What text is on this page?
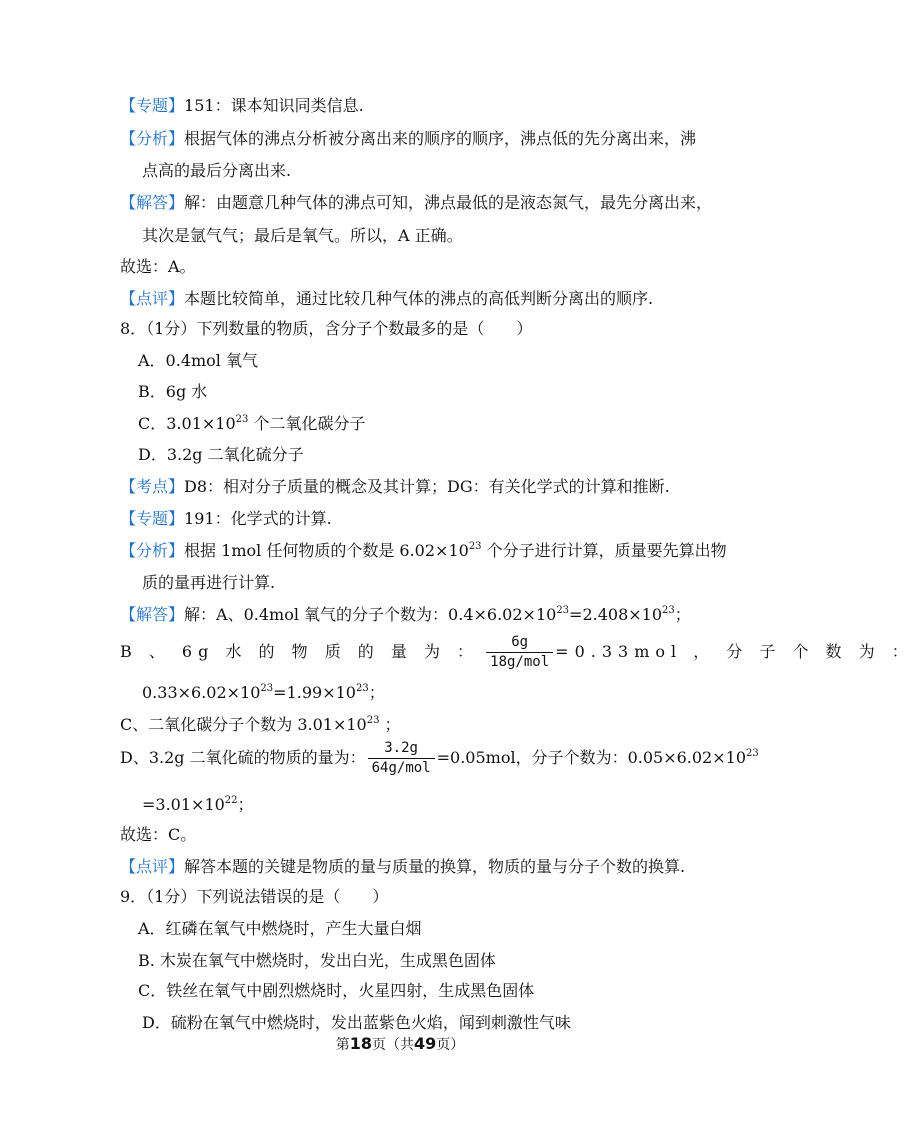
【专题】151：课本知识同类信息.
【分析】根据气体的沸点分析被分离出来的顺序的顺序，沸点低的先分离出来，沸
点高的最后分离出来.
【解答】解：由题意几种气体的沸点可知，沸点最低的是液态氮气，最先分离出来，
其次是氩气气；最后是氧气。所以，A 正确。
故选：A。
【点评】本题比较简单，通过比较几种气体的沸点的高低判断分离出的顺序.
8．（1分）下列数量的物质，含分子个数最多的是（　　）
A．0.4mol 氧气
B．6g 水
C．$3.01\times 10^{23}$ 个二氧化碳分子
D．3.2g 二氧化硫分子
【考点】D8：相对分子质量的概念及其计算；DG：有关化学式的计算和推断.
【专题】191：化学式的计算.
【分析】根据 1mol 任何物质的个数是 $6.02\times 10^{23}$ 个分子进行计算，质量要先算出物
质的量再进行计算.
【解答】解：A、0.4mol 氧气的分子个数为：$0.4\times 6.02\times 10^{23}=2.408\times 10^{23}$；
B 、 6g 水 的 物 质 的 量 为 ： $\frac{6g}{\text{18g/mol}} =0.33mol$ ， 分 子 个 数 为 ：
$0.33\times 6.02\times 10^{23}=1.99\times 10^{23}$；
C、二氧化碳分子个数为 $3.01\times 10^{23}$ ；
D、3.2g 二氧化硫的物质的量为： $\frac{3.2g}{\text{64g/mol}} =0.05mol$，分子个数为：$0.05\times 6.02\times 10^{23}$
$=3.01\times 10^{22}$；
故选：C。
【点评】解答本题的关键是物质的量与质量的换算，物质的量与分子个数的换算.
9．（1分）下列说法错误的是（　　）
A．红磷在氧气中燃烧时，产生大量白烟
B. 木炭在氧气中燃烧时，发出白光，生成黑色固体
C．铁丝在氧气中剧烈燃烧时，火星四射，生成黑色固体
D．硫粉在氧气中燃烧时，发出蓝紫色火焰，闻到刺激性气味
第18页（共49页）
